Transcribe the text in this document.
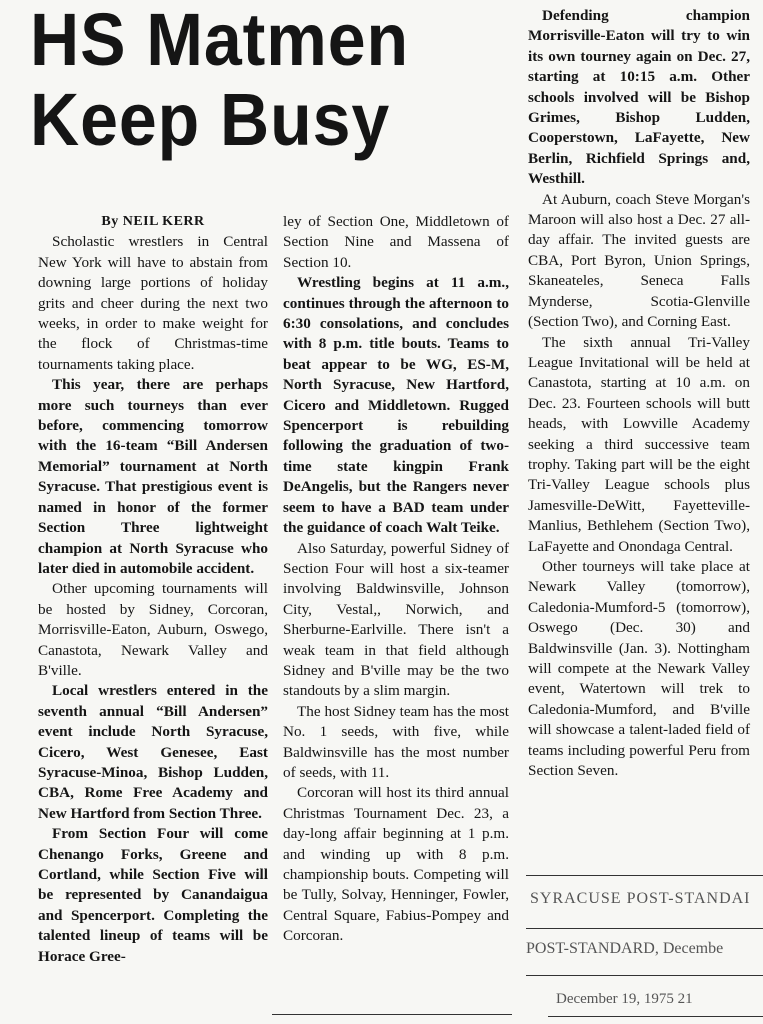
HS Matmen
Keep Busy

By NEIL KERR

Scholastic wrestlers in Central New York will have to abstain from downing large portions of holiday grits and cheer during the next two weeks, in order to make weight for the flock of Christmas-time tournaments taking place.

This year, there are perhaps more such tourneys than ever before, commencing tomorrow with the 16-team “Bill Andersen Memorial” tournament at North Syracuse. That prestigious event is named in honor of the former Section Three lightweight champion at North Syracuse who later died in automobile accident.

Other upcoming tournaments will be hosted by Sidney, Corcoran, Morrisville-Eaton, Auburn, Oswego, Canastota, Newark Valley and B'ville.

Local wrestlers entered in the seventh annual “Bill Andersen” event include North Syracuse, Cicero, West Genesee, East Syracuse-Minoa, Bishop Ludden, CBA, Rome Free Academy and New Hartford from Section Three.

From Section Four will come Chenango Forks, Greene and Cortland, while Section Five will be represented by Canandaigua and Spencerport. Completing the talented lineup of teams will be Horace Gree-

ley of Section One, Middletown of Section Nine and Massena of Section 10.

Wrestling begins at 11 a.m., continues through the afternoon to 6:30 consolations, and concludes with 8 p.m. title bouts. Teams to beat appear to be WG, ES-M, North Syracuse, New Hartford, Cicero and Middletown. Rugged Spencerport is rebuilding following the graduation of two-time state kingpin Frank DeAngelis, but the Rangers never seem to have a BAD team under the guidance of coach Walt Teike.

Also Saturday, powerful Sidney of Section Four will host a six-teamer involving Baldwinsville, Johnson City, Vestal,, Norwich, and Sherburne-Earlville. There isn't a weak team in that field although Sidney and B'ville may be the two standouts by a slim margin.

The host Sidney team has the most No. 1 seeds, with five, while Baldwinsville has the most number of seeds, with 11.

Corcoran will host its third annual Christmas Tournament Dec. 23, a day-long affair beginning at 1 p.m. and winding up with 8 p.m. championship bouts. Competing will be Tully, Solvay, Henninger, Fowler, Central Square, Fabius-Pompey and Corcoran.

Defending champion Morrisville-Eaton will try to win its own tourney again on Dec. 27, starting at 10:15 a.m. Other schools involved will be Bishop Grimes, Bishop Ludden, Cooperstown, LaFayette, New Berlin, Richfield Springs and, Westhill.

At Auburn, coach Steve Morgan's Maroon will also host a Dec. 27 all-day affair. The invited guests are CBA, Port Byron, Union Springs, Skaneateles, Seneca Falls Mynderse, Scotia-Glenville (Section Two), and Corning East.

The sixth annual Tri-Valley League Invitational will be held at Canastota, starting at 10 a.m. on Dec. 23. Fourteen schools will butt heads, with Lowville Academy seeking a third successive team trophy. Taking part will be the eight Tri-Valley League schools plus Jamesville-DeWitt, Fayetteville-Manlius, Bethlehem (Section Two), LaFayette and Onondaga Central.

Other tourneys will take place at Newark Valley (tomorrow), Caledonia-Mumford-5 (tomorrow), Oswego (Dec. 30) and Baldwinsville (Jan. 3). Nottingham will compete at the Newark Valley event, Watertown will trek to Caledonia-Mumford, and B'ville will showcase a talent-laded field of teams including powerful Peru from Section Seven.

SYRACUSE POST-STANDAI
POST-STANDARD, Decembe
December 19, 1975 21
